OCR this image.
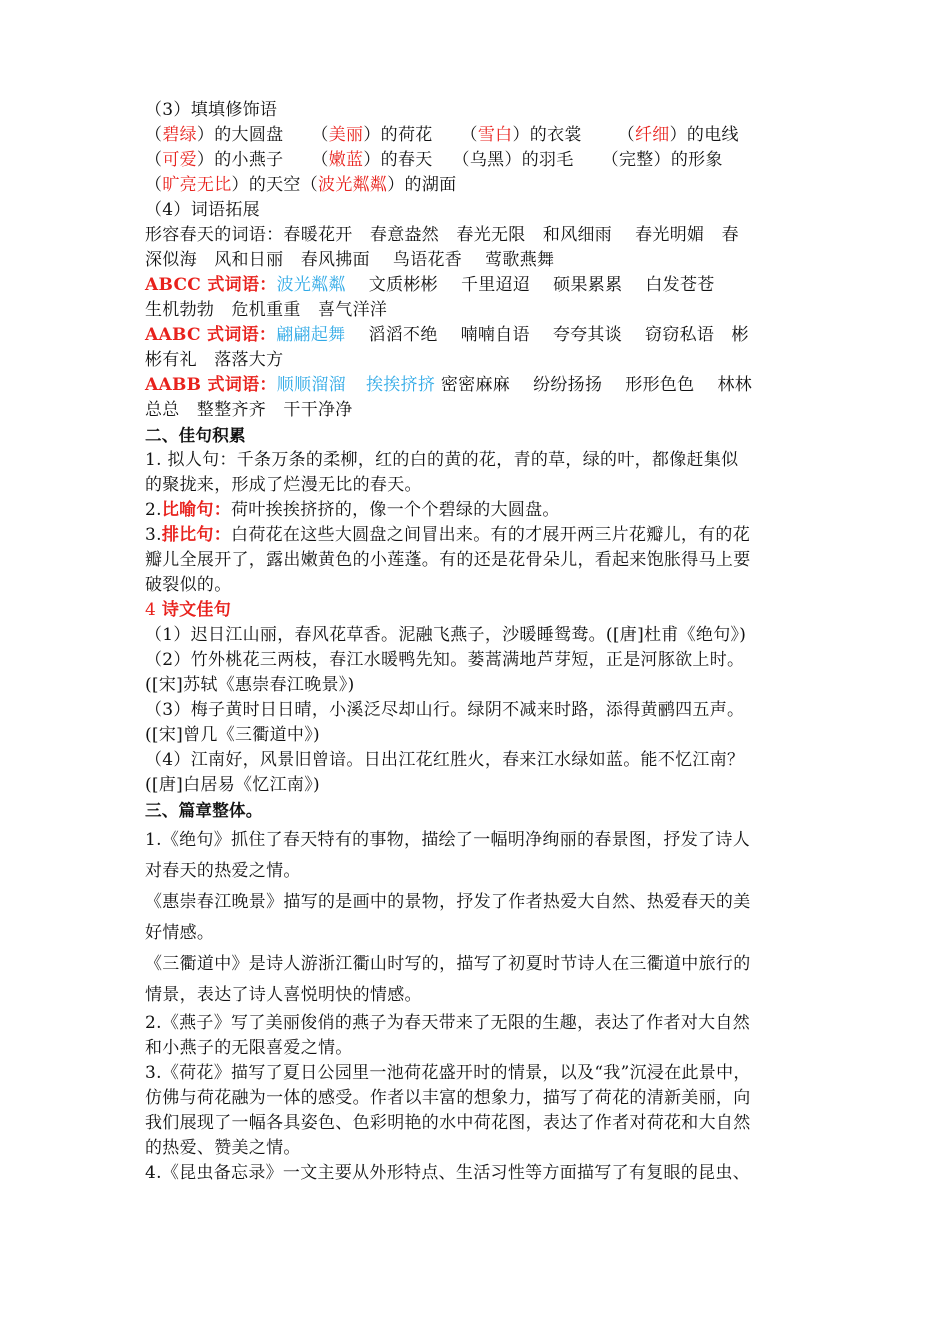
（3）填填修饰语
（碧绿）的大圆盘 （美丽）的荷花 （雪白）的衣裳 （纤细）的电线
（可爱）的小燕子 （嫩蓝）的春天 （乌黑）的羽毛 （完整）的形象
（旷亮无比）的天空（波光粼粼）的湖面
（4）词语拓展
形容春天的词语：春暖花开　春意盎然　春光无限　和风细雨　 春光明媚　春
深似海　风和日丽　春风拂面　 鸟语花香　 莺歌燕舞
ABCC 式词语：波光粼粼　 文质彬彬　 千里迢迢　 硕果累累　 白发苍苍
生机勃勃　危机重重　喜气洋洋
AABC 式词语：翩翩起舞　 滔滔不绝　 喃喃自语　 夸夸其谈　 窃窃私语　彬
彬有礼　落落大方
AABB 式词语：顺顺溜溜 挨挨挤挤 密密麻麻　 纷纷扬扬　 形形色色　 林林
总总　整整齐齐　干干净净
二、佳句积累
1. 拟人句：千条万条的柔柳，红的白的黄的花，青的草，绿的叶，都像赶集似
的聚拢来，形成了烂漫无比的春天。
2.比喻句：荷叶挨挨挤挤的，像一个个碧绿的大圆盘。
3.排比句：白荷花在这些大圆盘之间冒出来。有的才展开两三片花瓣儿，有的花
瓣儿全展开了，露出嫩黄色的小莲蓬。有的还是花骨朵儿，看起来饱胀得马上要
破裂似的。
4 诗文佳句
（1）迟日江山丽，春风花草香。泥融飞燕子，沙暖睡鸳鸯。([唐]杜甫《绝句》)
（2）竹外桃花三两枝，春江水暖鸭先知。蒌蒿满地芦芽短，正是河豚欲上时。
([宋]苏轼《惠崇春江晚景》)
（3）梅子黄时日日晴，小溪泛尽却山行。绿阴不减来时路，添得黄鹂四五声。
([宋]曾几《三衢道中》)
（4）江南好，风景旧曾谙。日出江花红胜火，春来江水绿如蓝。能不忆江南？
([唐]白居易《忆江南》)
三、篇章整体。
1.《绝句》抓住了春天特有的事物，描绘了一幅明净绚丽的春景图，抒发了诗人
对春天的热爱之情。
《惠崇春江晚景》描写的是画中的景物，抒发了作者热爱大自然、热爱春天的美
好情感。
《三衢道中》是诗人游浙江衢山时写的，描写了初夏时节诗人在三衢道中旅行的
情景，表达了诗人喜悦明快的情感。
2.《燕子》写了美丽俊俏的燕子为春天带来了无限的生趣，表达了作者对大自然
和小燕子的无限喜爱之情。
3.《荷花》描写了夏日公园里一池荷花盛开时的情景，以及“我”沉浸在此景中，
仿佛与荷花融为一体的感受。作者以丰富的想象力，描写了荷花的清新美丽，向
我们展现了一幅各具姿色、色彩明艳的水中荷花图，表达了作者对荷花和大自然
的热爱、赞美之情。
4.《昆虫备忘录》一文主要从外形特点、生活习性等方面描写了有复眼的昆虫、
